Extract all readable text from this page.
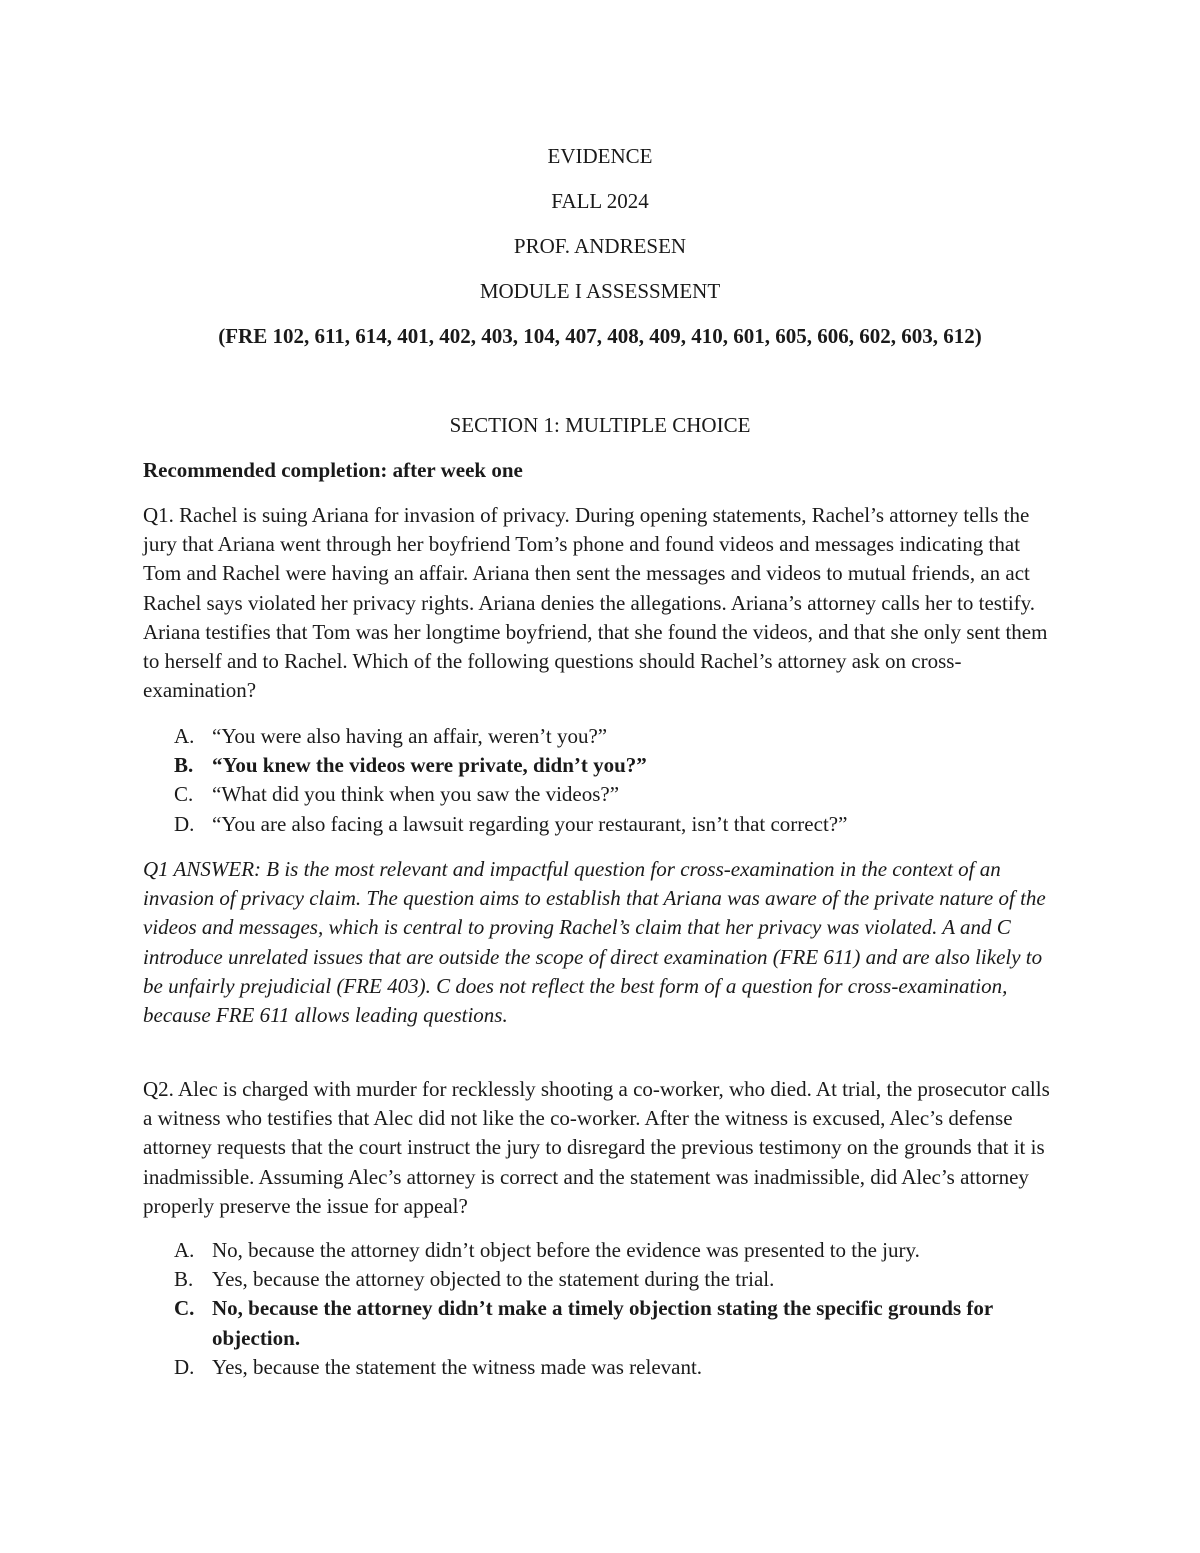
EVIDENCE
FALL 2024
PROF. ANDRESEN
MODULE I ASSESSMENT
(FRE 102, 611, 614, 401, 402, 403, 104, 407, 408, 409, 410, 601, 605, 606, 602, 603, 612)
SECTION 1: MULTIPLE CHOICE
Recommended completion: after week one
Q1. Rachel is suing Ariana for invasion of privacy. During opening statements, Rachel’s attorney tells the jury that Ariana went through her boyfriend Tom’s phone and found videos and messages indicating that Tom and Rachel were having an affair. Ariana then sent the messages and videos to mutual friends, an act Rachel says violated her privacy rights. Ariana denies the allegations. Ariana’s attorney calls her to testify. Ariana testifies that Tom was her longtime boyfriend, that she found the videos, and that she only sent them to herself and to Rachel. Which of the following questions should Rachel’s attorney ask on cross-examination?
A. “You were also having an affair, weren’t you?”
B. “You knew the videos were private, didn’t you?”
C. “What did you think when you saw the videos?”
D. “You are also facing a lawsuit regarding your restaurant, isn’t that correct?”
Q1 ANSWER: B is the most relevant and impactful question for cross-examination in the context of an invasion of privacy claim. The question aims to establish that Ariana was aware of the private nature of the videos and messages, which is central to proving Rachel’s claim that her privacy was violated. A and C introduce unrelated issues that are outside the scope of direct examination (FRE 611) and are also likely to be unfairly prejudicial (FRE 403). C does not reflect the best form of a question for cross-examination, because FRE 611 allows leading questions.
Q2. Alec is charged with murder for recklessly shooting a co-worker, who died. At trial, the prosecutor calls a witness who testifies that Alec did not like the co-worker. After the witness is excused, Alec’s defense attorney requests that the court instruct the jury to disregard the previous testimony on the grounds that it is inadmissible. Assuming Alec’s attorney is correct and the statement was inadmissible, did Alec’s attorney properly preserve the issue for appeal?
A. No, because the attorney didn’t object before the evidence was presented to the jury.
B. Yes, because the attorney objected to the statement during the trial.
C. No, because the attorney didn’t make a timely objection stating the specific grounds for objection.
D. Yes, because the statement the witness made was relevant.
